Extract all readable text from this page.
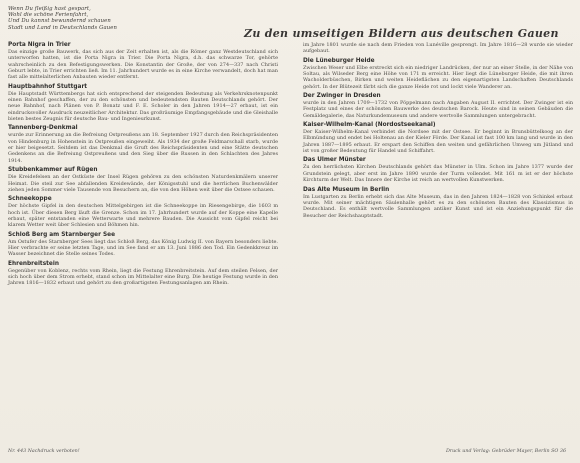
Wenn Du fleißig hast gespart,
Wohl die schöne Ferienfahrt,
Und Du kannst bewundernd schauen
Stadt und Land in Deutschlands Gauen	Zu den umseitigen Bildern aus deutschen Gauen
Porta Nigra in Trier
Das einzige große Bauwerk, das sich aus der Zeit erhalten ist, als die Römer ganz Westdeutschland sich unterworfen hatten, ist die Porta Nigra in Trier. Die Porta Nigra, d.h. das schwarze Tor, gehörte wahrscheinlich zu den Befestigungswerken. Die Konstantin der Große, der von 274—337 nach Christi Geburt lebte, in Trier errichten ließ. Im 11. Jahrhundert wurde es in eine Kirche verwandelt, doch hat man fast alle mittelalterlichen Anbauten wieder entfernt.
Hauptbahnhof Stuttgart
Die Hauptstadt Württembergs hat sich entsprechend der steigenden Bedeutung als Verkehrsknotenpunkt einen Bahnhof geschaffen, der zu den schönsten und bedeutendsten Bauten Deutschlands gehört. Der neue Bahnhof, nach Plänen von P. Bonatz und F. E. Scholer in den Jahren 1914—27 erbaut, ist ein eindrucksvoller Ausdruck neuzeitlicher Architektur. Das großräumige Empfangsgebäude und die Gleishalle bieten bestes Zeugnis für deutsche Bau- und Ingenieurkunst.
Tannenberg-Denkmal
wurde zur Erinnerung an die Befreiung Ostpreußens am 18. September 1927 durch den Reichspräsidenten von Hindenburg in Hohenstein in Ostpreußen eingeweiht. Als 1934 der große Feldmarschall starb, wurde er hier beigesetzt. Seitdem ist das Denkmal die Gruft des Reichspräsidenten und eine Stätte deutschen Gedenkens an die Befreiung Ostpreußens und den Sieg über die Russen in den Schlachten des Jahres 1914.
Stubbenkammer auf Rügen
Die Kreidefelsen an der Ostküste der Insel Rügen gehören zu den schönsten Naturdenkmälern unserer Heimat. Die steil zur See abfallenden Kreidewände, der Königsstuhl und die herrlichen Buchenwälder ziehen jeden Sommer viele Tausende von Besuchern an, die von den Höhen weit über die Ostsee schauen.
Schneekoppe
Der höchste Gipfel in den deutschen Mittelgebirgen ist die Schneekoppe im Riesengebirge, die 1603 m hoch ist. Über diesen Berg läuft die Grenze. Schon im 17. Jahrhundert wurde auf der Koppe eine Kapelle erbaut, später entstanden eine Wetterwarte und mehrere Bauden. Die Aussicht vom Gipfel reicht bei klarem Wetter weit über Schlesien und Böhmen hin.
Schloß Berg am Starnberger See
Am Ostufer des Starnberger Sees liegt das Schloß Berg, das König Ludwig II. von Bayern besonders liebte. Hier verbrachte er seine letzten Tage, und im See fand er am 13. Juni 1886 den Tod. Ein Gedenkkreuz im Wasser bezeichnet die Stelle seines Todes.
Ehrenbreitstein
Gegenüber von Koblenz, rechts vom Rhein, liegt die Festung Ehrenbreitstein. Auf dem steilen Felsen, der sich hoch über dem Strom erhebt, stand schon im Mittelalter eine Burg. Die heutige Festung wurde in den Jahren 1816—1832 erbaut und gehört zu den großartigsten Festungsanlagen am Rhein.
im Jahre 1801 wurde sie nach dem Frieden von Lunéville gesprengt. Im Jahre 1816—28 wurde sie wieder aufgebaut.
Die Lüneburger Heide
Zwischen Weser und Elbe erstreckt sich ein niedriger Landrücken, der nur an einer Stelle, in der Nähe von Soltau, als Wilseder Berg eine Höhe von 171 m erreicht. Hier liegt die Lüneburger Heide, die mit ihren Wacholderbüschen, Birken und weiten Heideflächen zu den eigenartigsten Landschaften Deutschlands gehört. In der Blütezeit färbt sich die ganze Heide rot und lockt viele Wanderer an.
Der Zwinger in Dresden
wurde in den Jahren 1709—1732 von Pöppelmann nach Angaben August II. errichtet. Der Zwinger ist ein Festplatz und eines der schönsten Bauwerke des deutschen Barock. Heute sind in seinen Gebäuden die Gemäldegalerie, das Naturkundemuseum und andere wertvolle Sammlungen untergebracht.
Kaiser-Wilhelm-Kanal (Nordostseekanal)
Der Kaiser-Wilhelm-Kanal verbindet die Nordsee mit der Ostsee. Er beginnt in Brunsbüttelkoog an der Elbmündung und endet bei Holtenau an der Kieler Förde. Der Kanal ist fast 100 km lang und wurde in den Jahren 1887—1895 erbaut. Er erspart den Schiffen den weiten und gefährlichen Umweg um Jütland und ist von großer Bedeutung für Handel und Schiffahrt.
Das Ulmer Münster
Zu den herrlichsten Kirchen Deutschlands gehört das Münster in Ulm. Schon im Jahre 1377 wurde der Grundstein gelegt, aber erst im Jahre 1890 wurde der Turm vollendet. Mit 161 m ist er der höchste Kirchturm der Welt. Das Innere der Kirche ist reich an wertvollen Kunstwerken.
Das Alte Museum in Berlin
Im Lustgarten zu Berlin erhebt sich das Alte Museum, das in den Jahren 1824—1828 von Schinkel erbaut wurde. Mit seiner mächtigen Säulenhalle gehört es zu den schönsten Bauten des Klassizismus in Deutschland. Es enthält wertvolle Sammlungen antiker Kunst und ist ein Anziehungspunkt für die Besucher der Reichshauptstadt.
Nr. 443 Nachdruck verboten!	Druck und Verlag: Gebrüder Mayer, Berlin SO 36
